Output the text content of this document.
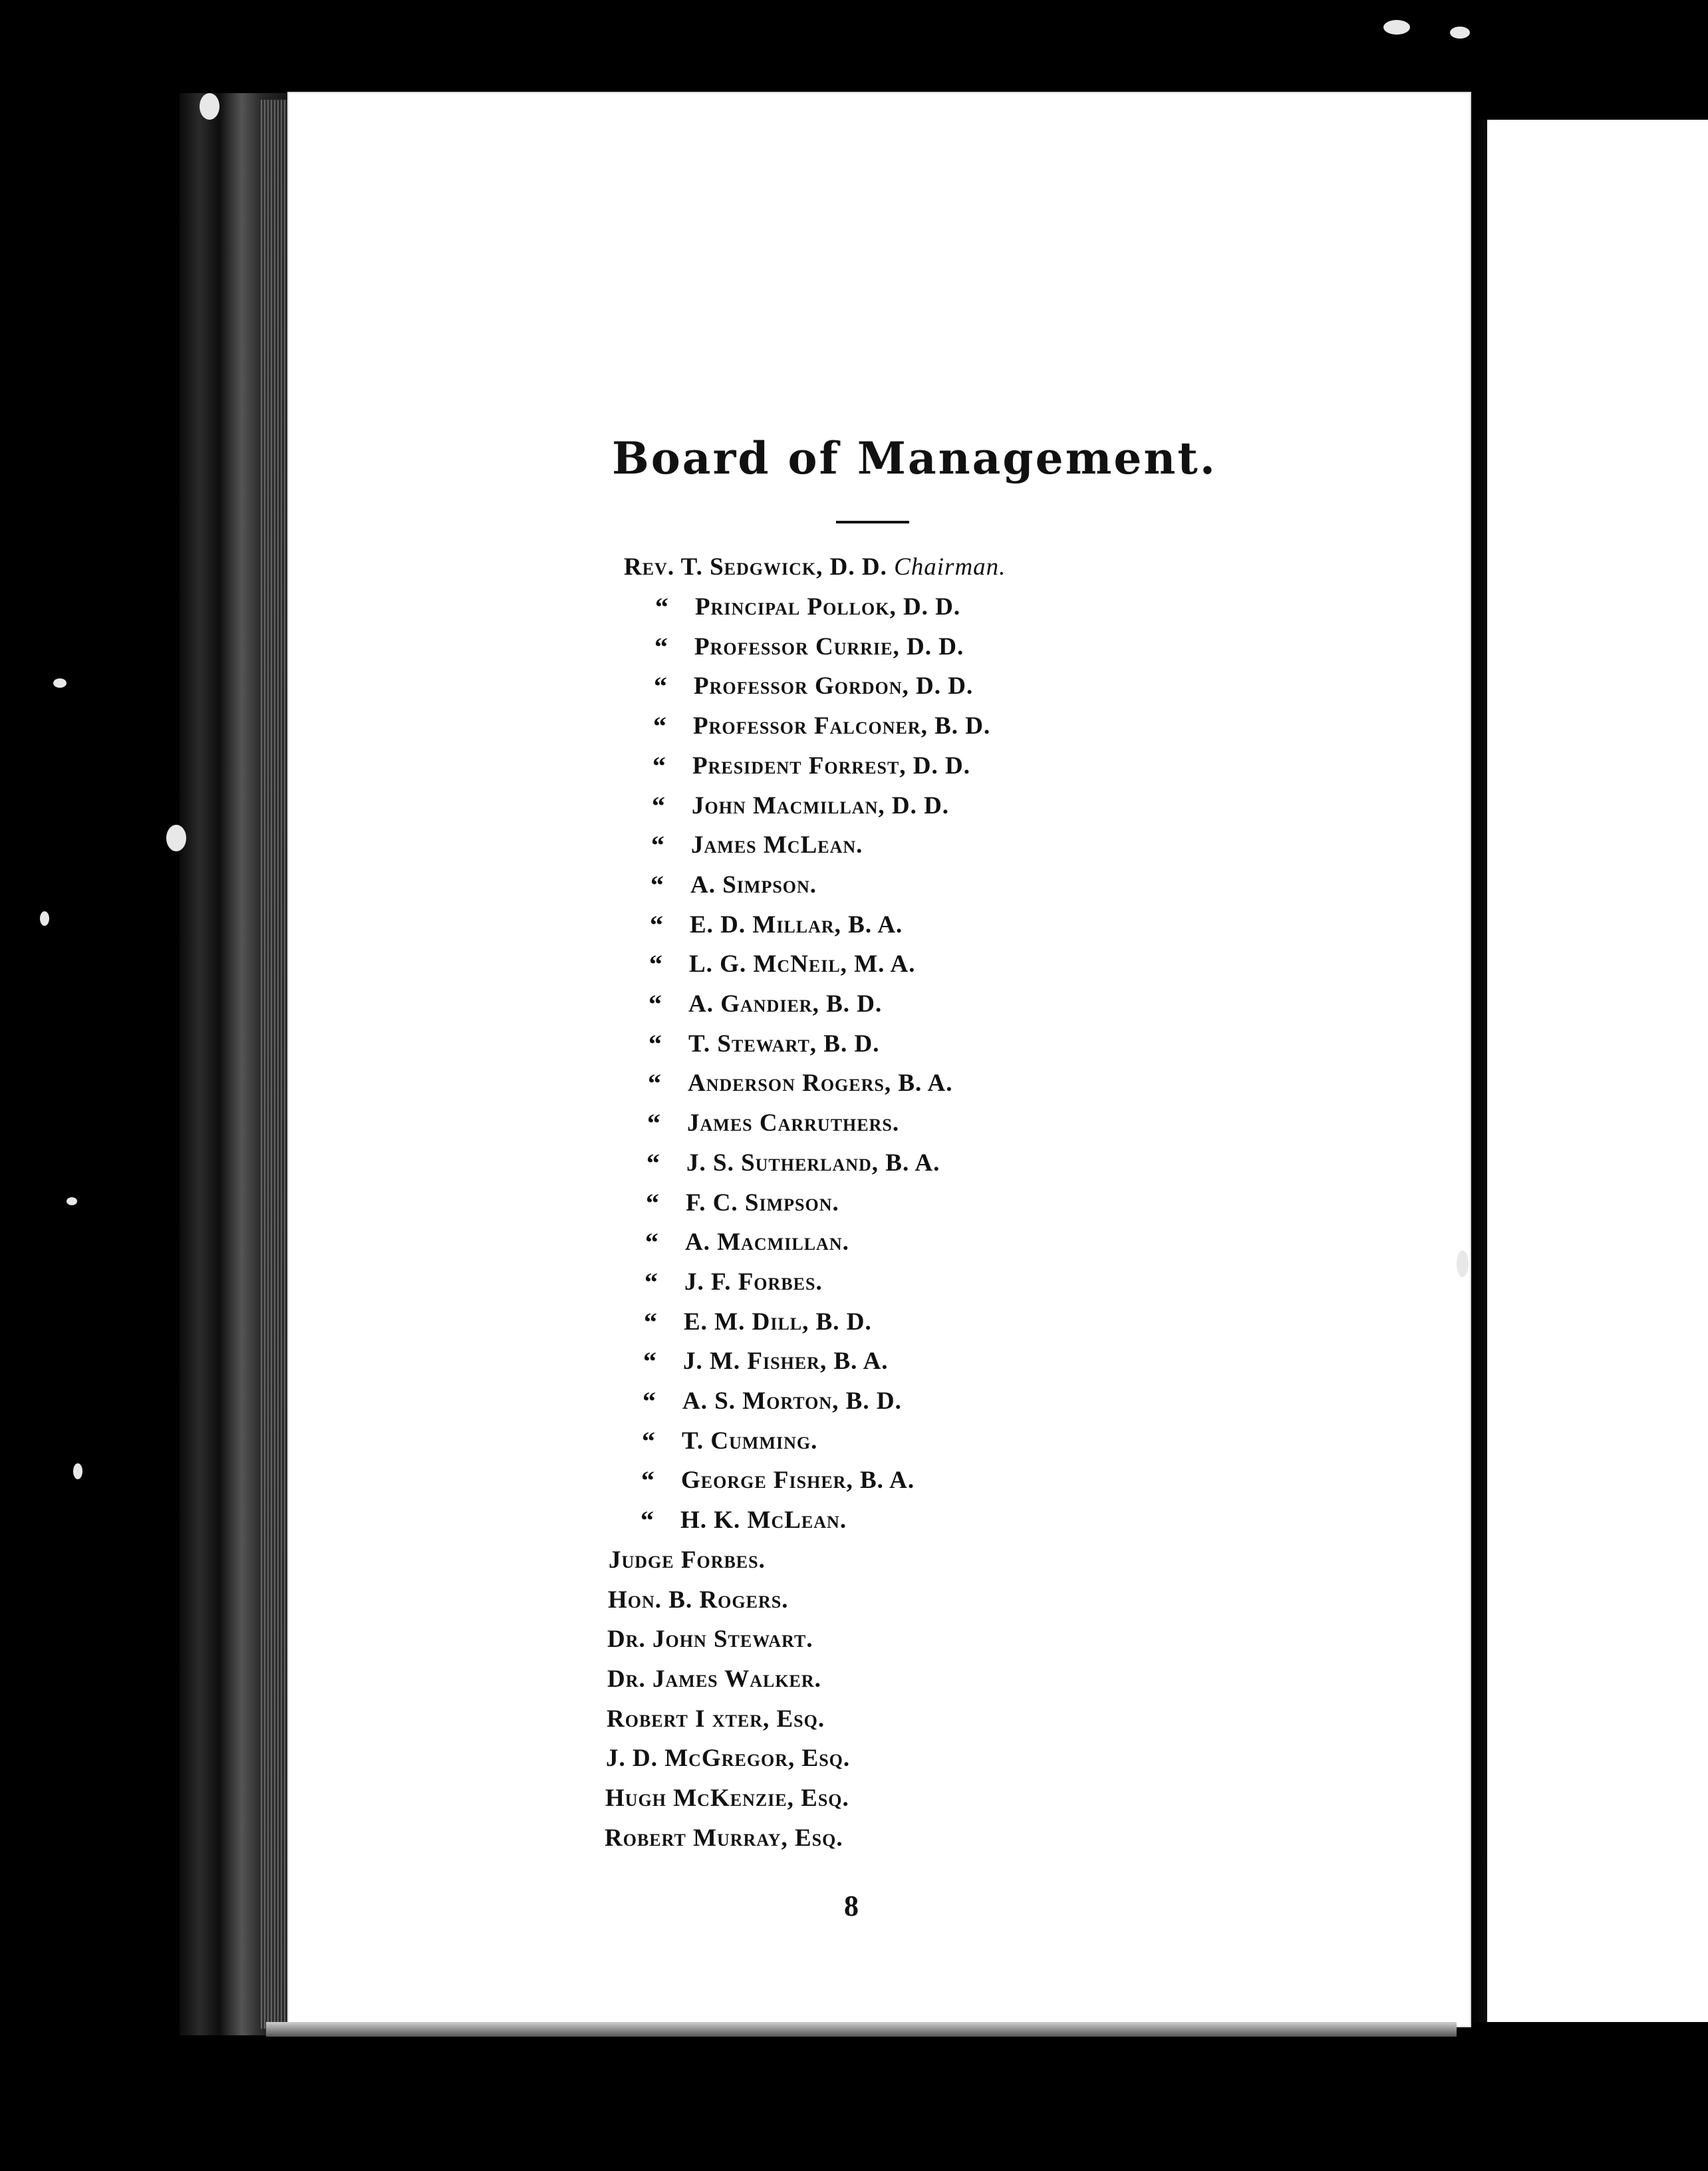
Board of Management.
Rev. T. Sedgwick, D. D. Chairman.
“	Principal Pollok, D. D.
“	Professor Currie, D. D.
“	Professor Gordon, D. D.
“	Professor Falconer, B. D.
“	President Forrest, D. D.
“	John Macmillan, D. D.
“	James McLean.
“	A. Simpson.
“	E. D. Millar, B. A.
“	L. G. McNeil, M. A.
“	A. Gandier, B. D.
“	T. Stewart, B. D.
“	Anderson Rogers, B. A.
“	James Carruthers.
“	J. S. Sutherland, B. A.
“	F. C. Simpson.
“	A. Macmillan.
“	J. F. Forbes.
“	E. M. Dill, B. D.
“	J. M. Fisher, B. A.
“	A. S. Morton, B. D.
“	T. Cumming.
“	George Fisher, B. A.
“	H. K. McLean.
Judge Forbes.
Hon. B. Rogers.
Dr. John Stewart.
Dr. James Walker.
Robert I xter, Esq.
J. D. McGregor, Esq.
Hugh McKenzie, Esq.
Robert Murray, Esq.
8
